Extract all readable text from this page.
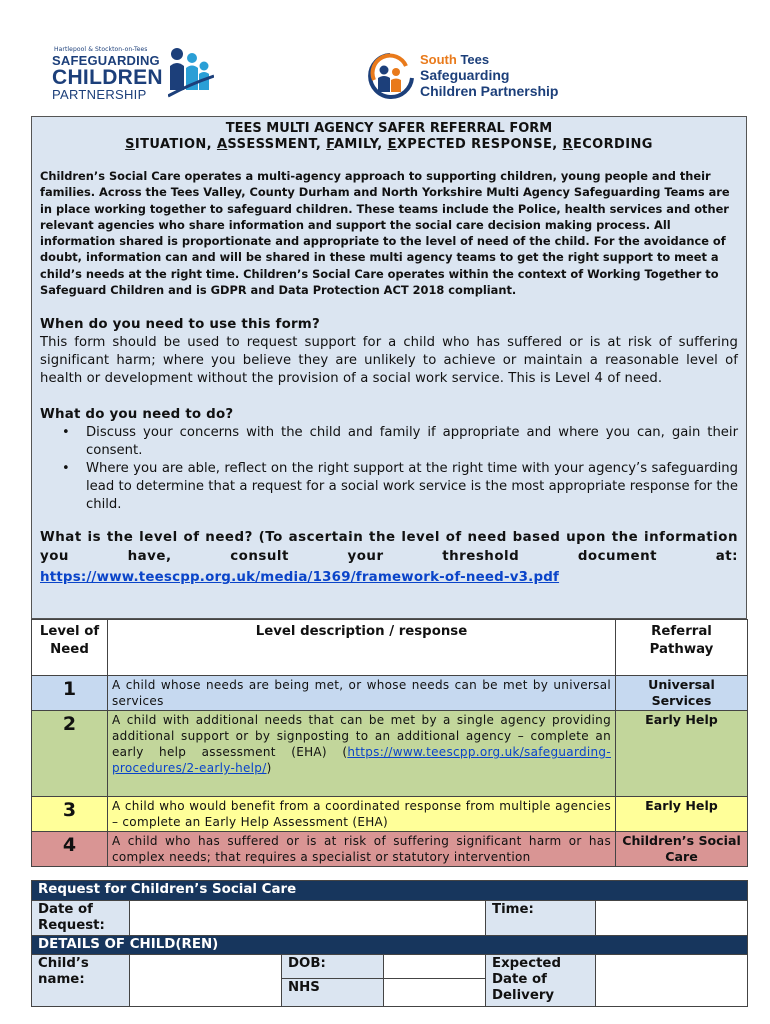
Hartlepool & Stockton-on-Tees
SAFEGUARDING
CHILDREN
PARTNERSHIP
South Tees
Safeguarding
Children Partnership
TEES MULTI AGENCY SAFER REFERRAL FORM
SITUATION, ASSESSMENT, FAMILY, EXPECTED RESPONSE, RECORDING

Children’s Social Care operates a multi-agency approach to supporting children, young people and their families. Across the Tees Valley, County Durham and North Yorkshire Multi Agency Safeguarding Teams are in place working together to safeguard children. These teams include the Police, health services and other relevant agencies who share information and support the social care decision making process. All information shared is proportionate and appropriate to the level of need of the child. For the avoidance of doubt, information can and will be shared in these multi agency teams to get the right support to meet a child’s needs at the right time. Children’s Social Care operates within the context of Working Together to Safeguard Children and is GDPR and Data Protection ACT 2018 compliant.

When do you need to use this form?

This form should be used to request support for a child who has suffered or is at risk of suffering significant harm; where you believe they are unlikely to achieve or maintain a reasonable level of health or development without the provision of a social work service. This is Level 4 of need.

What do you need to do?
• Discuss your concerns with the child and family if appropriate and where you can, gain their consent.
• Where you are able, reflect on the right support at the right time with your agency’s safeguarding lead to determine that a request for a social work service is the most appropriate response for the child.

What is the level of need? (To ascertain the level of need based upon the information you have, consult your threshold document at:

https://www.teescpp.org.uk/media/1369/framework-of-need-v3.pdf
Level of Need	Level description / response	Referral Pathway
1	A child whose needs are being met, or whose needs can be met by universal services	Universal Services
2	A child with additional needs that can be met by a single agency providing additional support or by signposting to an additional agency – complete an early help assessment (EHA) (https://www.teescpp.org.uk/safeguarding-procedures/2-early-help/)	Early Help
3	A child who would benefit from a coordinated response from multiple agencies – complete an Early Help Assessment (EHA)	Early Help
4	A child who has suffered or is at risk of suffering significant harm or has complex needs; that requires a specialist or statutory intervention	Children’s Social Care
Request for Children’s Social Care					
Date of Request:				Time:	
DETAILS OF CHILD(REN)					
Child’s name:		DOB:		Expected Date of Delivery	
		NHS			
